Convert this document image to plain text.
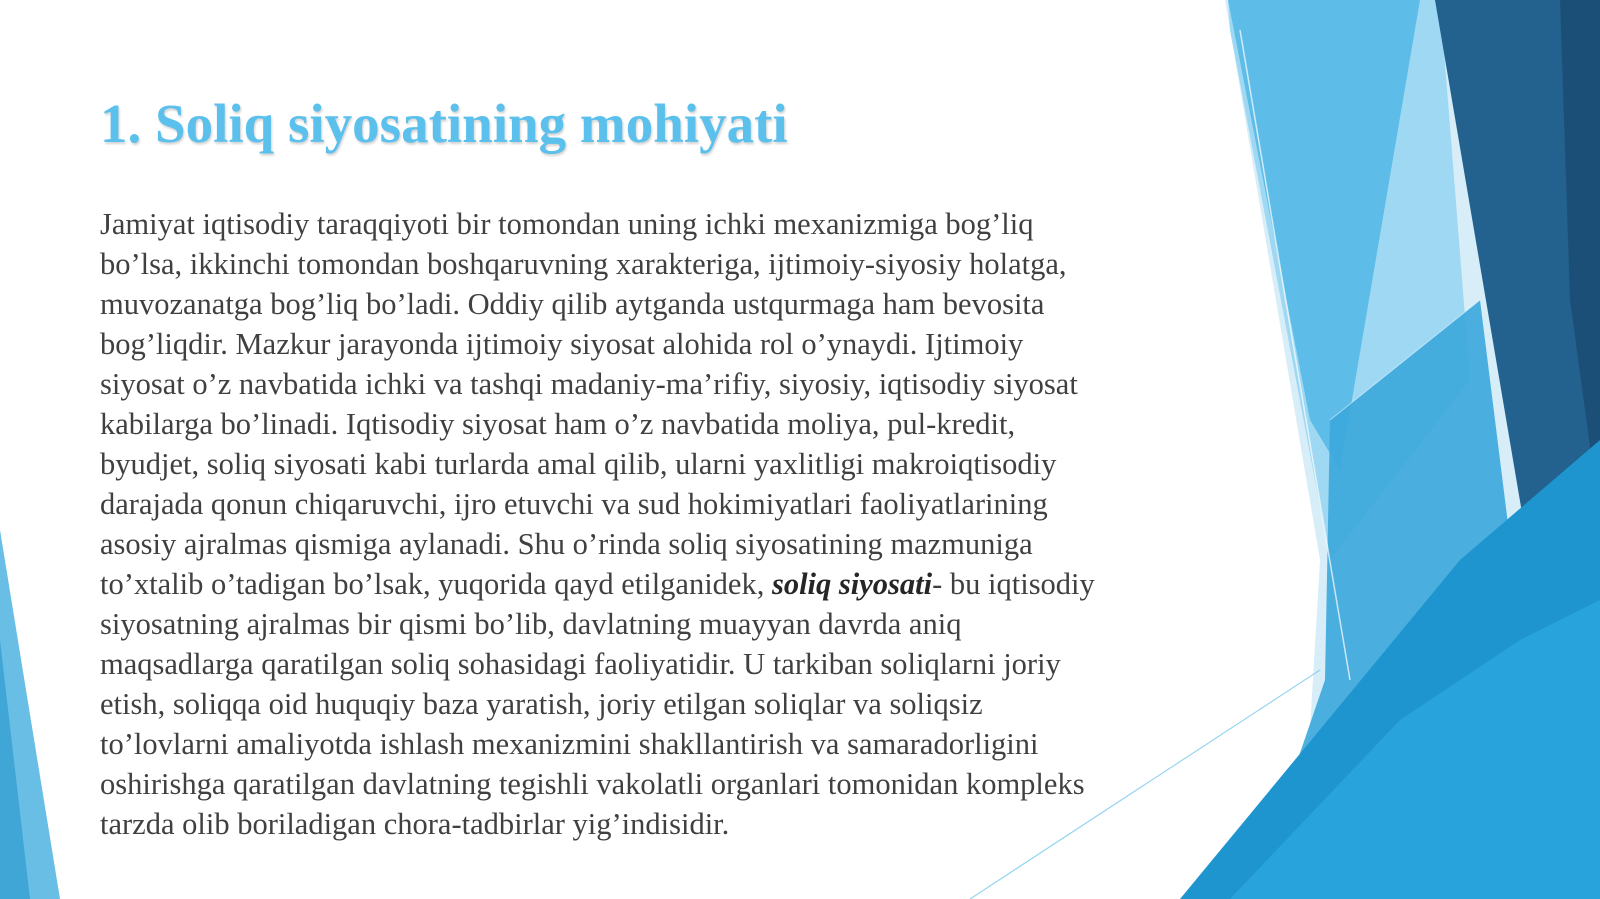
1. Soliq siyosatining mohiyati

Jamiyat iqtisodiy taraqqiyoti bir tomondan uning ichki mexanizmiga bog’liq
bo’lsa, ikkinchi tomondan boshqaruvning xarakteriga, ijtimoiy-siyosiy holatga,
muvozanatga bog’liq bo’ladi. Oddiy qilib aytganda ustqurmaga ham bevosita
bog’liqdir. Mazkur jarayonda ijtimoiy siyosat alohida rol o’ynaydi. Ijtimoiy
siyosat o’z navbatida ichki va tashqi madaniy-ma’rifiy, siyosiy, iqtisodiy siyosat
kabilarga bo’linadi. Iqtisodiy siyosat ham o’z navbatida moliya, pul-kredit,
byudjet, soliq siyosati kabi turlarda amal qilib, ularni yaxlitligi makroiqtisodiy
darajada qonun chiqaruvchi, ijro etuvchi va sud hokimiyatlari faoliyatlarining
asosiy ajralmas qismiga aylanadi. Shu o’rinda soliq siyosatining mazmuniga
to’xtalib o’tadigan bo’lsak, yuqorida qayd etilganidek, soliq siyosati- bu iqtisodiy
siyosatning ajralmas bir qismi bo’lib, davlatning muayyan davrda aniq
maqsadlarga qaratilgan soliq sohasidagi faoliyatidir. U tarkiban soliqlarni joriy
etish, soliqqa oid huquqiy baza yaratish, joriy etilgan soliqlar va soliqsiz
to’lovlarni amaliyotda ishlash mexanizmini shakllantirish va samaradorligini
oshirishga qaratilgan davlatning tegishli vakolatli organlari tomonidan kompleks
tarzda olib boriladigan chora-tadbirlar yig’indisidir.
